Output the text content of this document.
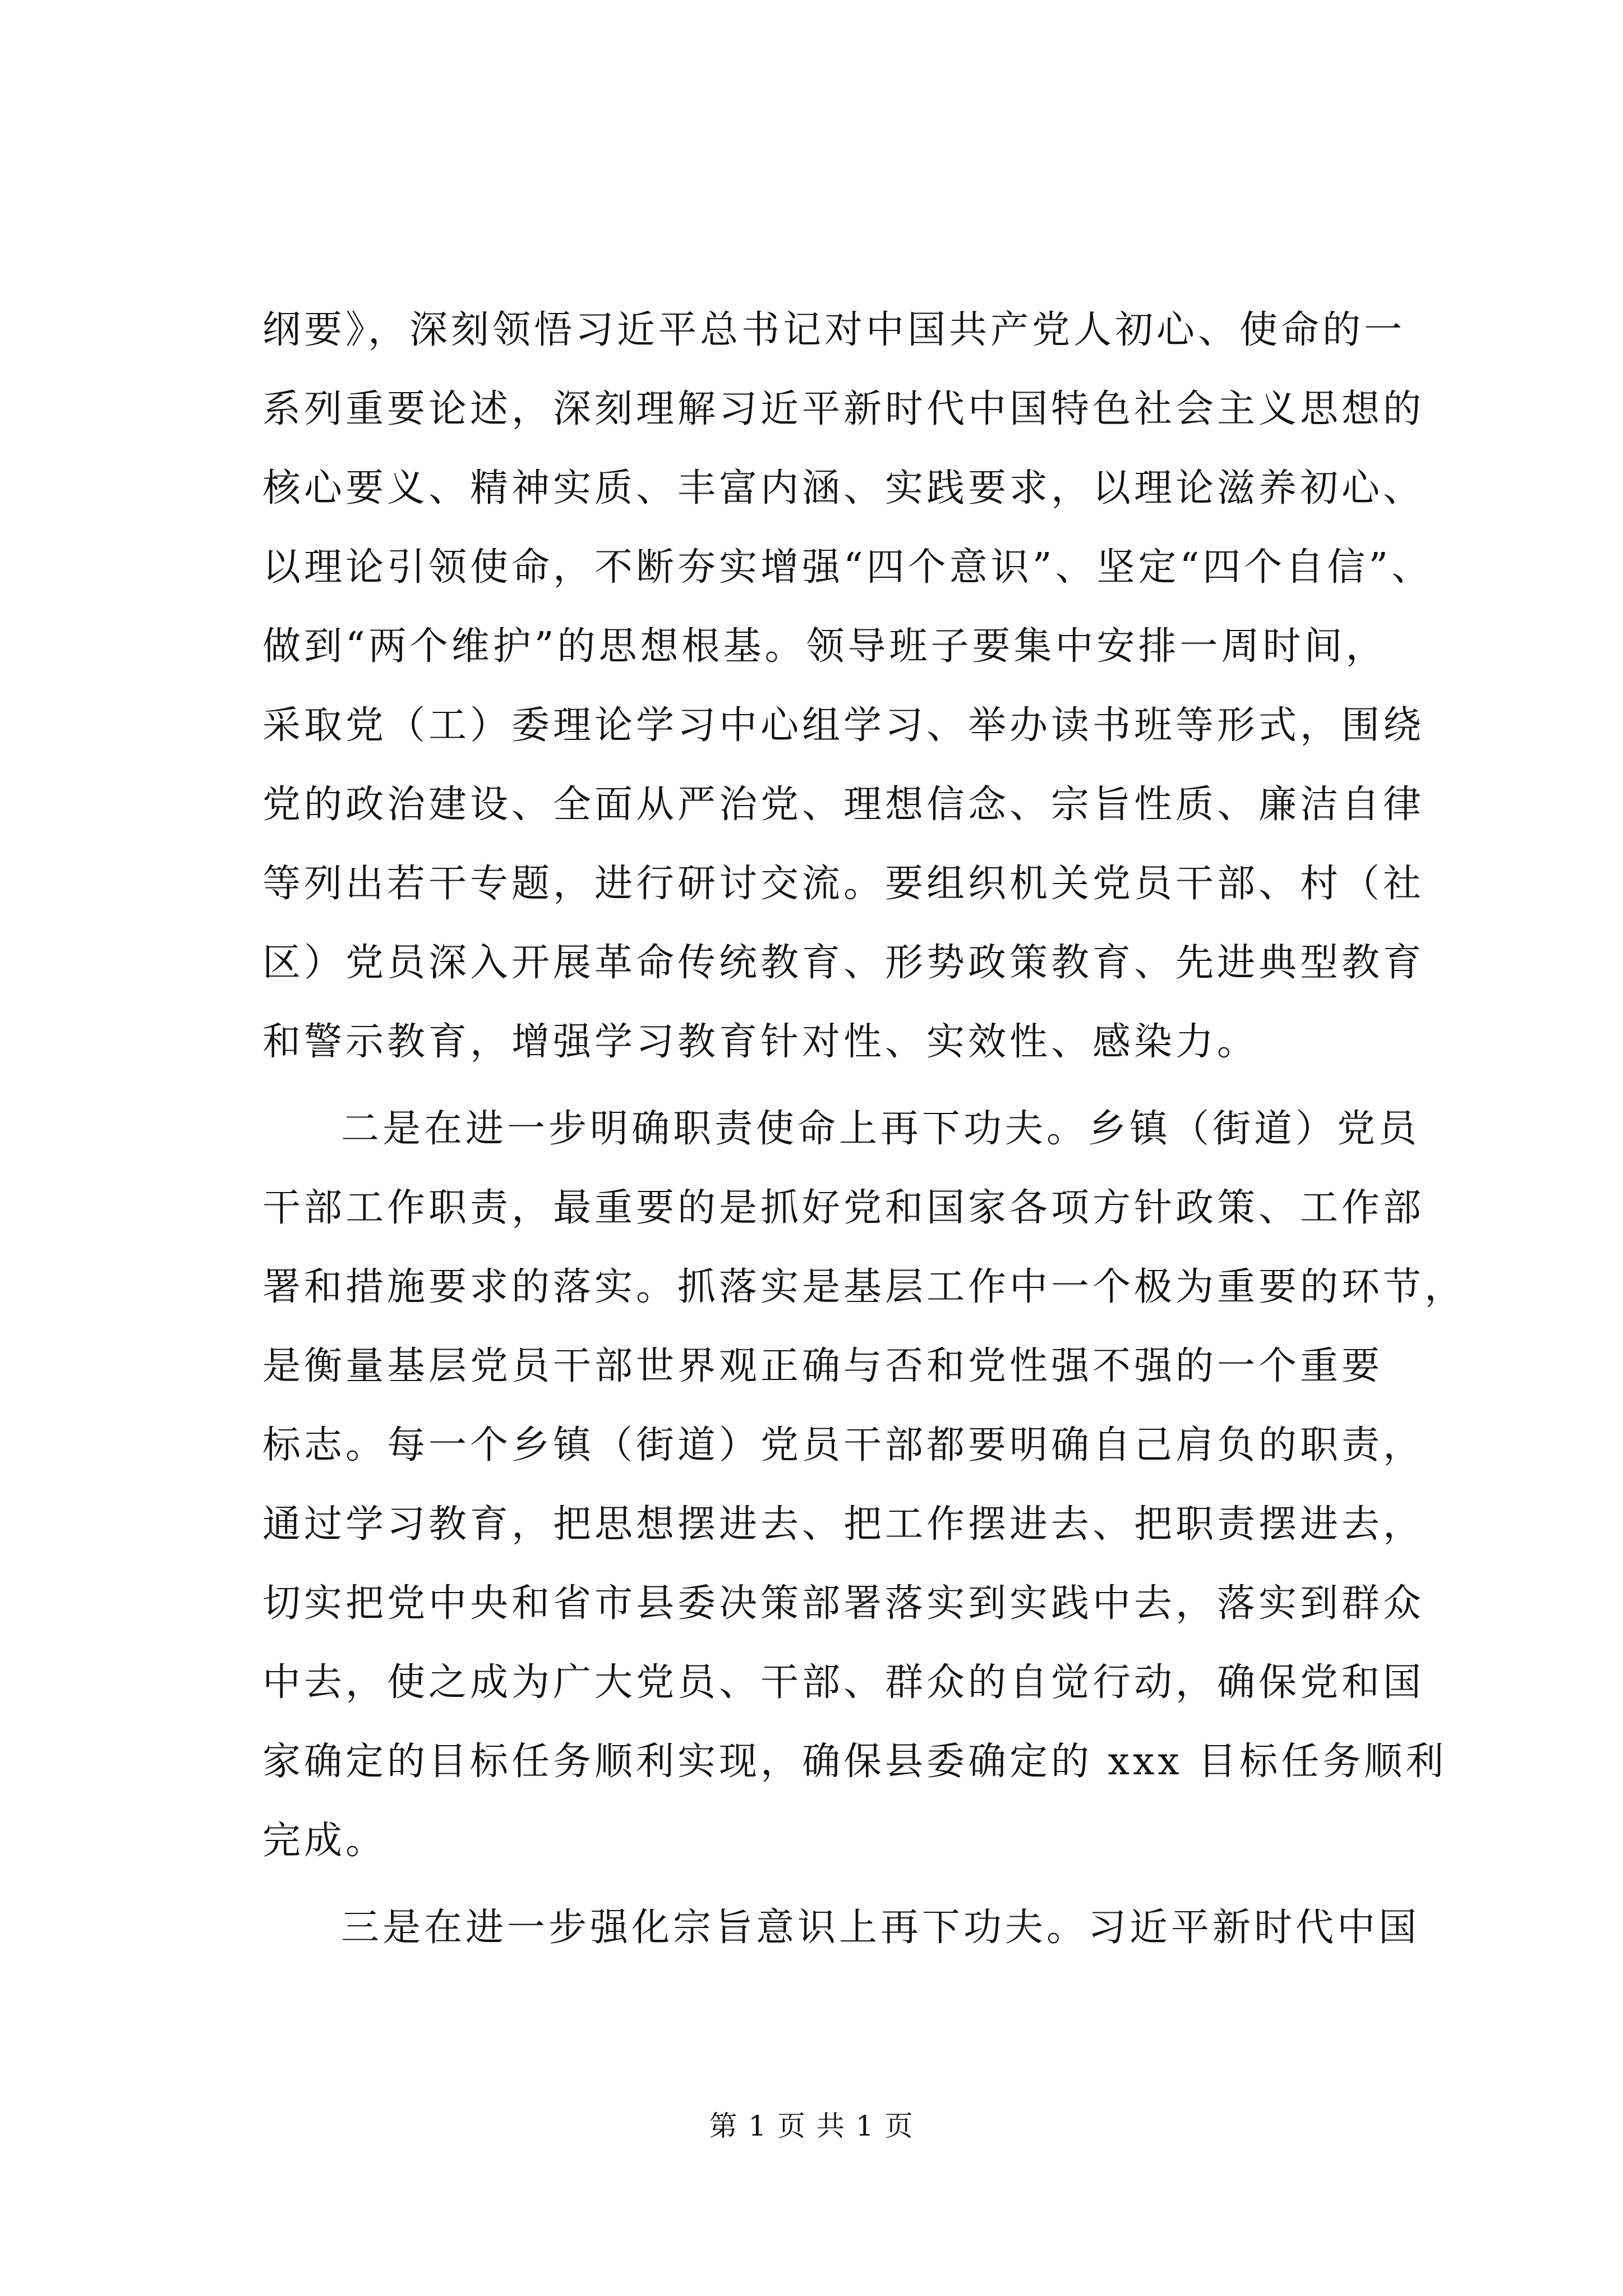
纲要》，深刻领悟习近平总书记对中国共产党人初心、使命的一
系列重要论述，深刻理解习近平新时代中国特色社会主义思想的
核心要义、精神实质、丰富内涵、实践要求，以理论滋养初心、
以理论引领使命，不断夯实增强“四个意识”、坚定“四个自信”、
做到“两个维护”的思想根基。领导班子要集中安排一周时间，
采取党（工）委理论学习中心组学习、举办读书班等形式，围绕
党的政治建设、全面从严治党、理想信念、宗旨性质、廉洁自律
等列出若干专题，进行研讨交流。要组织机关党员干部、村（社
区）党员深入开展革命传统教育、形势政策教育、先进典型教育
和警示教育，增强学习教育针对性、实效性、感染力。
二是在进一步明确职责使命上再下功夫。乡镇（街道）党员
干部工作职责，最重要的是抓好党和国家各项方针政策、工作部
署和措施要求的落实。抓落实是基层工作中一个极为重要的环节，
是衡量基层党员干部世界观正确与否和党性强不强的一个重要
标志。每一个乡镇（街道）党员干部都要明确自己肩负的职责，
通过学习教育，把思想摆进去、把工作摆进去、把职责摆进去，
切实把党中央和省市县委决策部署落实到实践中去，落实到群众
中去，使之成为广大党员、干部、群众的自觉行动，确保党和国
家确定的目标任务顺利实现，确保县委确定的 xxx 目标任务顺利
完成。
三是在进一步强化宗旨意识上再下功夫。习近平新时代中国
第 1 页 共 1 页
